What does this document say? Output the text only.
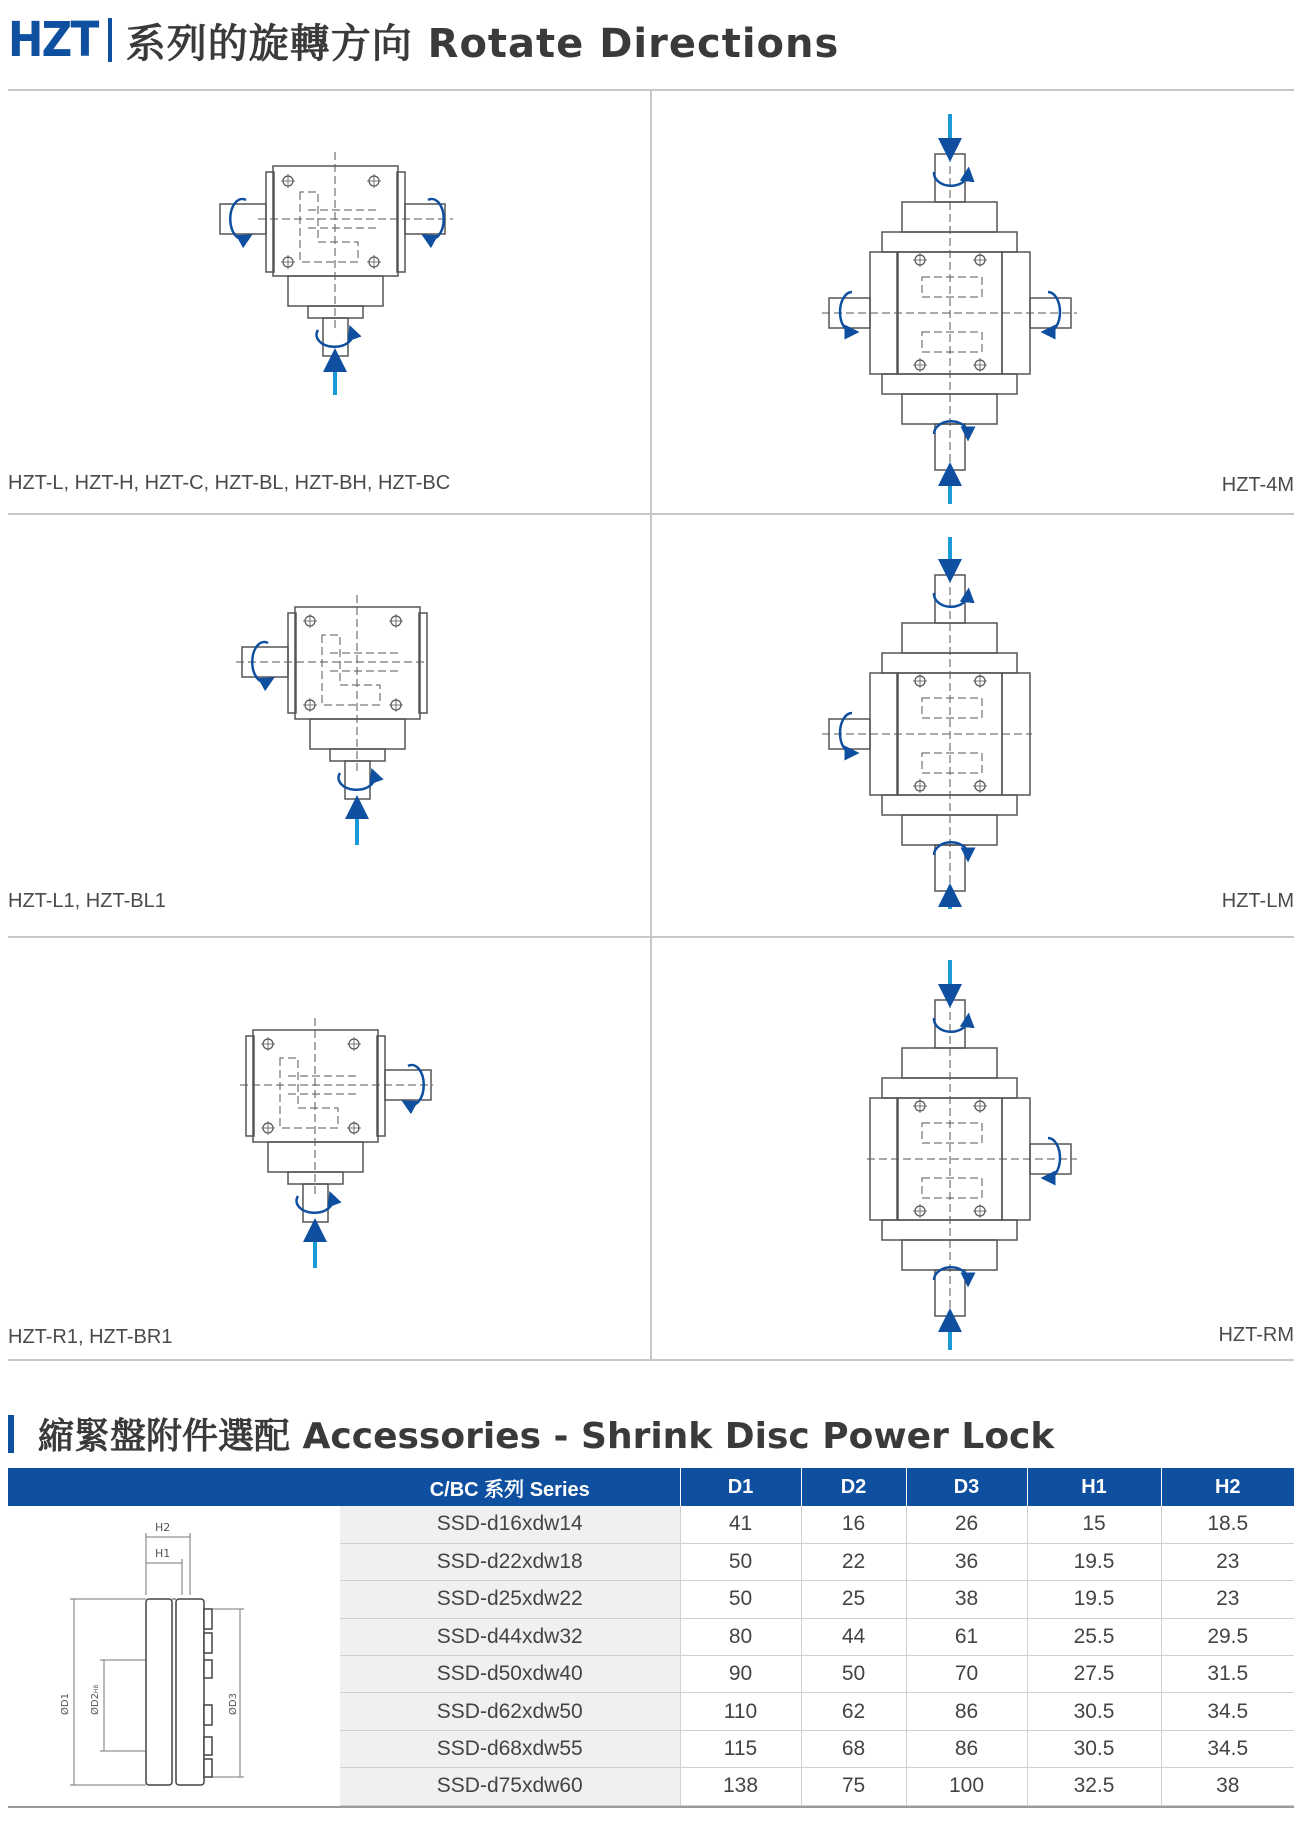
HZT 系列的旋轉方向 Rotate Directions
HZT-L, HZT-H, HZT-C, HZT-BL, HZT-BH, HZT-BC	HZT-4M
HZT-L1, HZT-BL1	HZT-LM
HZT-R1, HZT-BR1	HZT-RM
縮緊盤附件選配 Accessories - Shrink Disc Power Lock
H2
H1
ØD1 ØD2H8
ØD3
C/BC 系列 Series	D1	D2	D3	H1	H2
SSD-d16xdw14	41	16	26	15	18.5
SSD-d22xdw18	50	22	36	19.5	23
SSD-d25xdw22	50	25	38	19.5	23
SSD-d44xdw32	80	44	61	25.5	29.5
SSD-d50xdw40	90	50	70	27.5	31.5
SSD-d62xdw50	110	62	86	30.5	34.5
SSD-d68xdw55	115	68	86	30.5	34.5
SSD-d75xdw60	138	75	100	32.5	38
